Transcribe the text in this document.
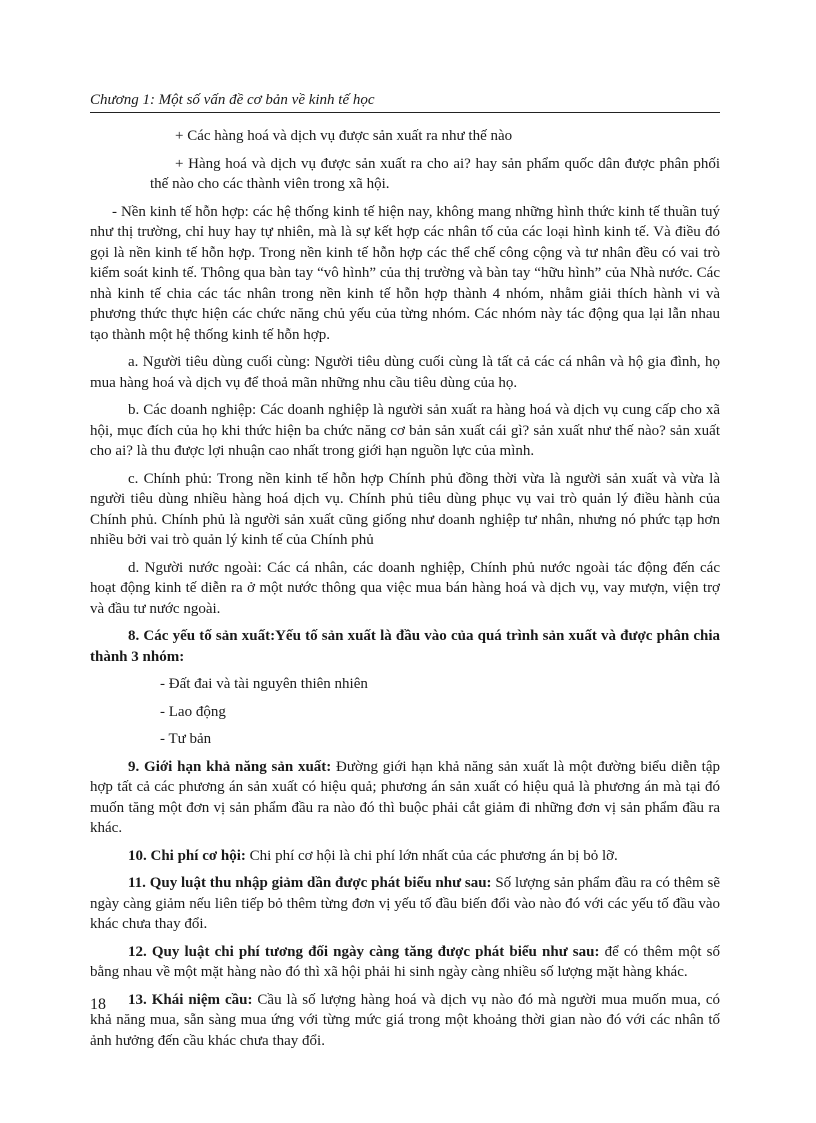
Chương 1: Một số vấn đề cơ bản về kinh tế học

+ Các hàng hoá và dịch vụ được sản xuất ra như thế nào

+ Hàng hoá và dịch vụ được sản xuất ra cho ai? hay sản phẩm quốc dân được phân phối thế nào cho các thành viên trong xã hội.

- Nền kinh tế hỗn hợp: các hệ thống kinh tế hiện nay, không mang những hình thức kinh tế thuần tuý như thị trường, chỉ huy hay tự nhiên, mà là sự kết hợp các nhân tố của các loại hình kinh tế. Và điều đó gọi là nền kinh tế hỗn hợp. Trong nền kinh tế hỗn hợp các thể chế công cộng và tư nhân đều có vai trò kiểm soát kinh tế. Thông qua bàn tay “vô hình” của thị trường và bàn tay “hữu hình” của Nhà nước. Các nhà kinh tế chia các tác nhân trong nền kinh tế hỗn hợp thành 4 nhóm, nhằm giải thích hành vi và phương thức thực hiện các chức năng chủ yếu của từng nhóm. Các nhóm này tác động qua lại lẫn nhau tạo thành một hệ thống kinh tế hỗn hợp.

a. Người tiêu dùng cuối cùng: Người tiêu dùng cuối cùng là tất cả các cá nhân và hộ gia đình, họ mua hàng hoá và dịch vụ để thoả mãn những nhu cầu tiêu dùng của họ.

b. Các doanh nghiệp: Các doanh nghiệp là người sản xuất ra hàng hoá và dịch vụ cung cấp cho xã hội, mục đích của họ khi thức hiện ba chức năng cơ bản sản xuất cái gì? sản xuất như thế nào? sản xuất cho ai? là thu được lợi nhuận cao nhất trong giới hạn nguồn lực của mình.

c. Chính phủ: Trong nền kinh tế hỗn hợp Chính phủ đồng thời vừa là người sản xuất và vừa là người tiêu dùng nhiều hàng hoá dịch vụ. Chính phủ tiêu dùng phục vụ vai trò quản lý điều hành của Chính phủ. Chính phủ là người sản xuất cũng giống như doanh nghiệp tư nhân, nhưng nó phức tạp hơn nhiều bởi vai trò quản lý kinh tế của Chính phủ

d. Người nước ngoài: Các cá nhân, các doanh nghiệp, Chính phủ nước ngoài tác động đến các hoạt động kinh tế diễn ra ở một nước thông qua việc mua bán hàng hoá và dịch vụ, vay mượn, viện trợ và đầu tư nước ngoài.

8. Các yếu tố sản xuất:Yếu tố sản xuất là đầu vào của quá trình sản xuất và được phân chia thành 3 nhóm:

- Đất đai và tài nguyên thiên nhiên

- Lao động

- Tư bản

9. Giới hạn khả năng sản xuất: Đường giới hạn khả năng sản xuất là một đường biểu diễn tập hợp tất cả các phương án sản xuất có hiệu quả; phương án sản xuất có hiệu quả là phương án mà tại đó muốn tăng một đơn vị sản phẩm đầu ra nào đó thì buộc phải cắt giảm đi những đơn vị sản phẩm đầu ra khác.

10. Chi phí cơ hội: Chi phí cơ hội là chi phí lớn nhất của các phương án bị bỏ lỡ.

11. Quy luật thu nhập giảm dần được phát biểu như sau: Số lượng sản phẩm đầu ra có thêm sẽ ngày càng giảm nếu liên tiếp bỏ thêm từng đơn vị yếu tố đầu biến đổi vào nào đó với các yếu tố đầu vào khác chưa thay đổi.

12. Quy luật chi phí tương đối ngày càng tăng được phát biểu như sau: để có thêm một số bằng nhau về một mặt hàng nào đó thì xã hội phải hi sinh ngày càng nhiều số lượng mặt hàng khác.

13. Khái niệm cầu: Cầu là số lượng hàng hoá và dịch vụ nào đó mà người mua muốn mua, có khả năng mua, sẵn sàng mua ứng với từng mức giá trong một khoảng thời gian nào đó với các nhân tố ảnh hưởng đến cầu khác chưa thay đổi.

18
